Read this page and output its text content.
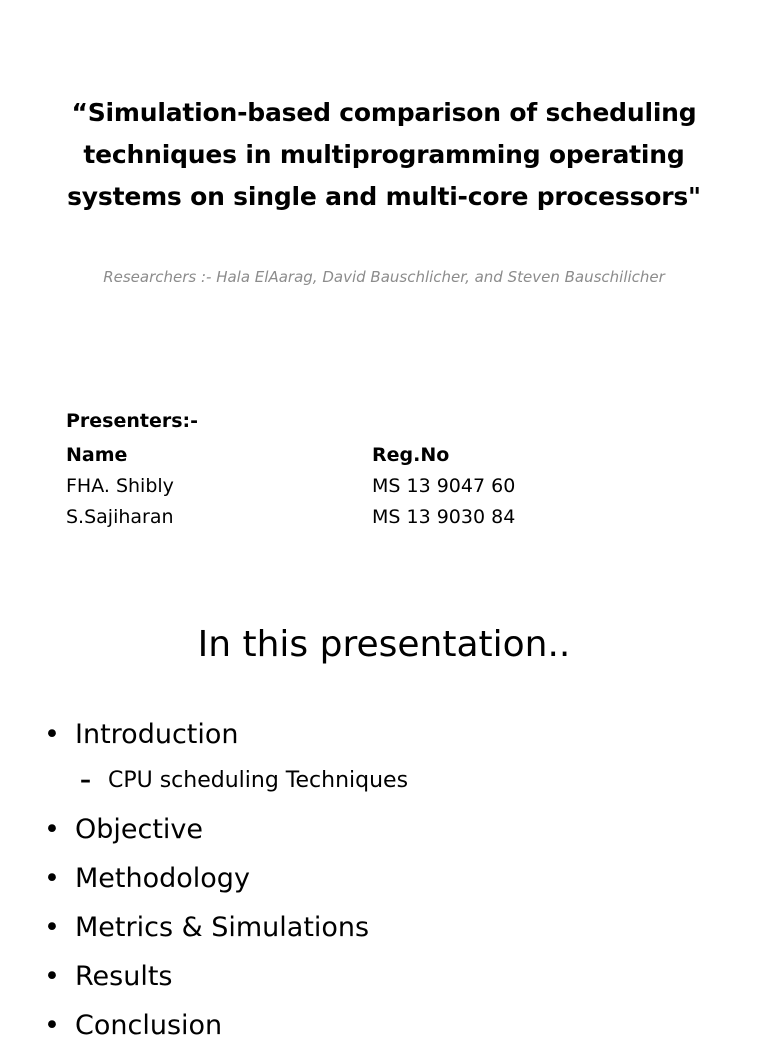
“Simulation-based comparison of scheduling techniques in multiprogramming operating systems on single and multi-core processors"
Researchers :- Hala ElAarag, David Bauschlicher, and Steven Bauschilicher
Presenters:-
Name
FHA. Shibly
S.Sajiharan
Reg.No
MS 13 9047 60
MS 13 9030 84
In this presentation..
• Introduction
– CPU scheduling Techniques
• Objective
• Methodology
• Metrics & Simulations
• Results
• Conclusion
